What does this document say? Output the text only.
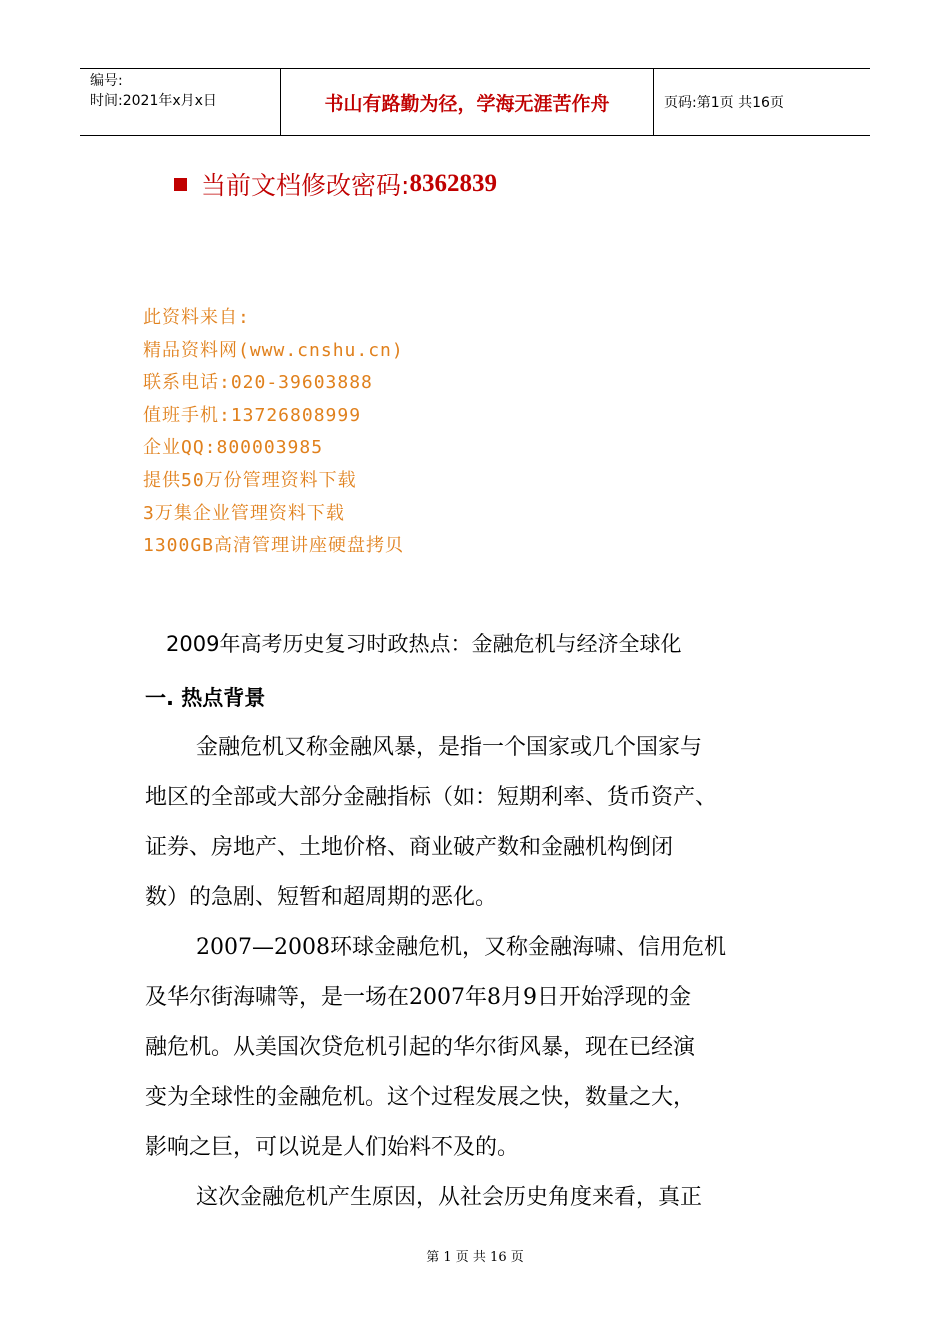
编号:
时间:2021年x月x日	书山有路勤为径，学海无涯苦作舟	页码:第1页 共16页
当前文档修改密码: 8362839
此资料来自:
精品资料网(www.cnshu.cn)
联系电话:020-39603888
值班手机:13726808999
企业QQ:800003985
提供50万份管理资料下载
3万集企业管理资料下载
1300GB高清管理讲座硬盘拷贝
2009年高考历史复习时政热点：金融危机与经济全球化
一. 热点背景
金融危机又称金融风暴，是指一个国家或几个国家与
地区的全部或大部分金融指标（如：短期利率、货币资产、
证券、房地产、土地价格、商业破产数和金融机构倒闭
数）的急剧、短暂和超周期的恶化。
2007—2008环球金融危机，又称金融海啸、信用危机
及华尔街海啸等，是一场在2007年8月9日开始浮现的金
融危机。从美国次贷危机引起的华尔街风暴，现在已经演
变为全球性的金融危机。这个过程发展之快，数量之大，
影响之巨，可以说是人们始料不及的。
这次金融危机产生原因，从社会历史角度来看，真正
第 1 页 共 16 页
